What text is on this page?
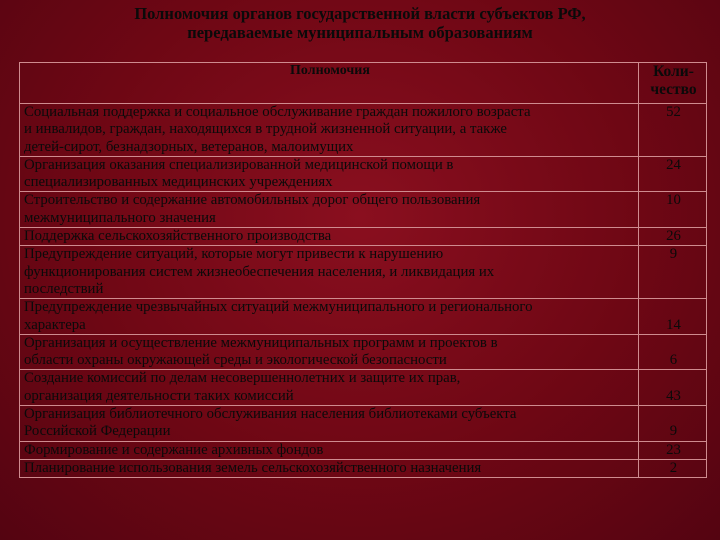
Полномочия органов государственной власти субъектов РФ,
передаваемые муниципальным образованиям
Полномочия	Коли-
чество

Социальная поддержка и социальное обслуживание граждан пожилого возраста
и инвалидов, граждан, находящихся в трудной жизненной ситуации, а также
детей-сирот, безнадзорных, ветеранов, малоимущих	52

Организация оказания специализированной медицинской помощи в
специализированных медицинских учреждениях	24

Строительство и содержание автомобильных дорог общего пользования
межмуниципального значения	10

Поддержка сельскохозяйственного производства	26

Предупреждение ситуаций, которые могут привести к нарушению
функционирования систем жизнеобеспечения населения, и ликвидация их
последствий	9

Предупреждение чрезвычайных ситуаций межмуниципального и регионального
характера	14

Организация и осуществление межмуниципальных программ и проектов в
области охраны окружающей среды и экологической безопасности	6

Создание комиссий по делам несовершеннолетних и защите их прав,
организация деятельности таких комиссий	43

Организация библиотечного обслуживания населения библиотеками субъекта
Российской Федерации	9

Формирование и содержание архивных фондов	23

Планирование использования земель сельскохозяйственного назначения	2
